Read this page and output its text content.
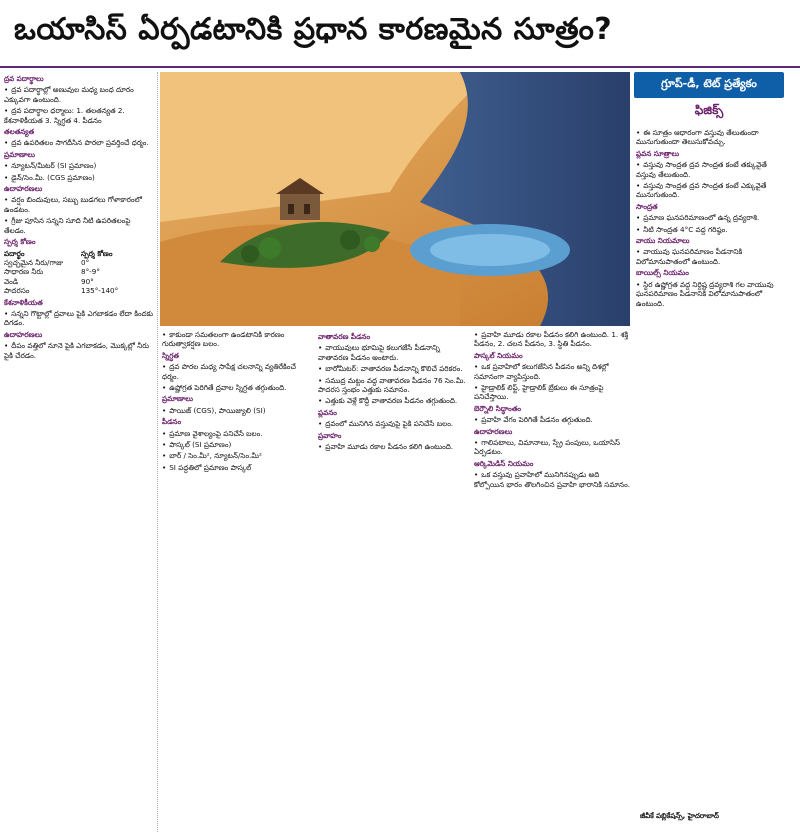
ఒయాసిస్ ఏర్పడటానికి ప్రధాన కారణమైన సూత్రం?

ద్రవ పదార్థాలు

• ద్రవ పదార్థాల్లో అణువుల మధ్య బంధ దూరం ఎక్కువగా ఉంటుంది.

• ద్రవ పదార్థాల ధర్మాలు: 1. తలతన్యత 2. కేశనాళికీయత 3. స్నిగ్ధత 4. పీడనం

తలతన్యత

• ద్రవ ఉపరితలం సాగదీసిన పొరలా ప్రవర్తించే ధర్మం.

ప్రమాణాలు

• న్యూటన్/మీటర్ (SI ప్రమాణం)

• డైన్/సెం.మీ. (CGS ప్రమాణం)

ఉదాహరణలు

• వర్షం బిందువులు, సబ్బు బుడగలు గోళాకారంలో ఉండటం.

• గ్రీజు పూసిన సన్నని సూది నీటి ఉపరితలంపై తేలడం.

స్పర్శ కోణం

పదార్థం	స్పర్శ కోణం
స్వచ్ఛమైన నీరు/గాజు	0°
సాధారణ నీరు	8°-9°
వెండి	90°
పాదరసం	135°-140°

కేశనాళికీయత

• సన్నని గొట్టాల్లో ద్రవాలు పైకి ఎగబాకడం లేదా కిందకు దిగడం.

ఉదాహరణలు

• దీపం వత్తిలో నూనె పైకి ఎగబాకడం, మొక్కల్లో నీరు పైకి చేరడం.

• కాకుండా సమతలంగా ఉండటానికి కారణం గురుత్వాకర్షణ బలం.

స్నిగ్ధత

• ద్రవ పొరల మధ్య సాపేక్ష చలనాన్ని వ్యతిరేకించే ధర్మం.

• ఉష్ణోగ్రత పెరిగితే ద్రవాల స్నిగ్ధత తగ్గుతుంది.

ప్రమాణాలు

• పాయిజ్ (CGS), పాయిజ్యులి (SI)

పీడనం

• ప్రమాణ వైశాల్యంపై పనిచేసే బలం.

• పాస్కల్ (SI ప్రమాణం)

• బార్ / సెం.మీ², న్యూటన్/సెం.మీ²

• SI పద్ధతిలో ప్రమాణం పాస్కల్

వాతావరణ పీడనం

• వాయువులు భూమిపై కలుగజేసే పీడనాన్ని వాతావరణ పీడనం అంటారు.

• బారోమీటర్: వాతావరణ పీడనాన్ని కొలిచే పరికరం.

• సముద్ర మట్టం వద్ద వాతావరణ పీడనం 76 సెం.మీ. పాదరస స్తంభం ఎత్తుకు సమానం.

• ఎత్తుకు వెళ్లే కొద్దీ వాతావరణ పీడనం తగ్గుతుంది.

ప్లవనం

• ద్రవంలో మునిగిన వస్తువుపై పైకి పనిచేసే బలం.

ప్రవాహం

• ప్రవాహి మూడు రకాల పీడనం కలిగి ఉంటుంది.

• ప్రవాహి మూడు రకాల పీడనం కలిగి ఉంటుంది. 1. శక్తి పీడనం, 2. చలన పీడనం, 3. స్థితి పీడనం.

పాస్కల్ నియమం

• ఒక ప్రవాహిలో కలుగజేసిన పీడనం అన్ని దిశల్లో సమానంగా వ్యాపిస్తుంది.

• హైడ్రాలిక్ లిఫ్ట్, హైడ్రాలిక్ బ్రేకులు ఈ సూత్రంపై పనిచేస్తాయి.

బెర్నౌలి సిద్ధాంతం

• ప్రవాహి వేగం పెరిగితే పీడనం తగ్గుతుంది.

ఉదాహరణలు

• గాలిపటాలు, విమానాలు, స్ప్రే పంపులు, ఒయాసిస్ ఏర్పడటం.

ఆర్కిమెడిస్ నియమం

• ఒక వస్తువు ప్రవాహిలో మునిగినప్పుడు అది కోల్పోయిన భారం తొలగించిన ప్రవాహి భారానికి సమానం.

గ్రూప్-డీ, టెట్ ప్రత్యేకం
ఫిజిక్స్

• ఈ సూత్రం ఆధారంగా వస్తువు తేలుతుందా మునుగుతుందా తెలుసుకోవచ్చు.

ప్లవన సూత్రాలు

• వస్తువు సాంద్రత ద్రవ సాంద్రత కంటే తక్కువైతే వస్తువు తేలుతుంది.

• వస్తువు సాంద్రత ద్రవ సాంద్రత కంటే ఎక్కువైతే మునుగుతుంది.

సాంద్రత

• ప్రమాణ ఘనపరిమాణంలో ఉన్న ద్రవ్యరాశి.

• నీటి సాంద్రత 4°C వద్ద గరిష్ఠం.

వాయు నియమాలు

• వాయువు ఘనపరిమాణం పీడనానికి విలోమానుపాతంలో ఉంటుంది.

బాయిల్స్ నియమం

• స్థిర ఉష్ణోగ్రత వద్ద నిర్దిష్ట ద్రవ్యరాశి గల వాయువు ఘనపరిమాణం పీడనానికి విలోమానుపాతంలో ఉంటుంది.

జీవీకే పబ్లికేషన్స్, హైదరాబాద్
